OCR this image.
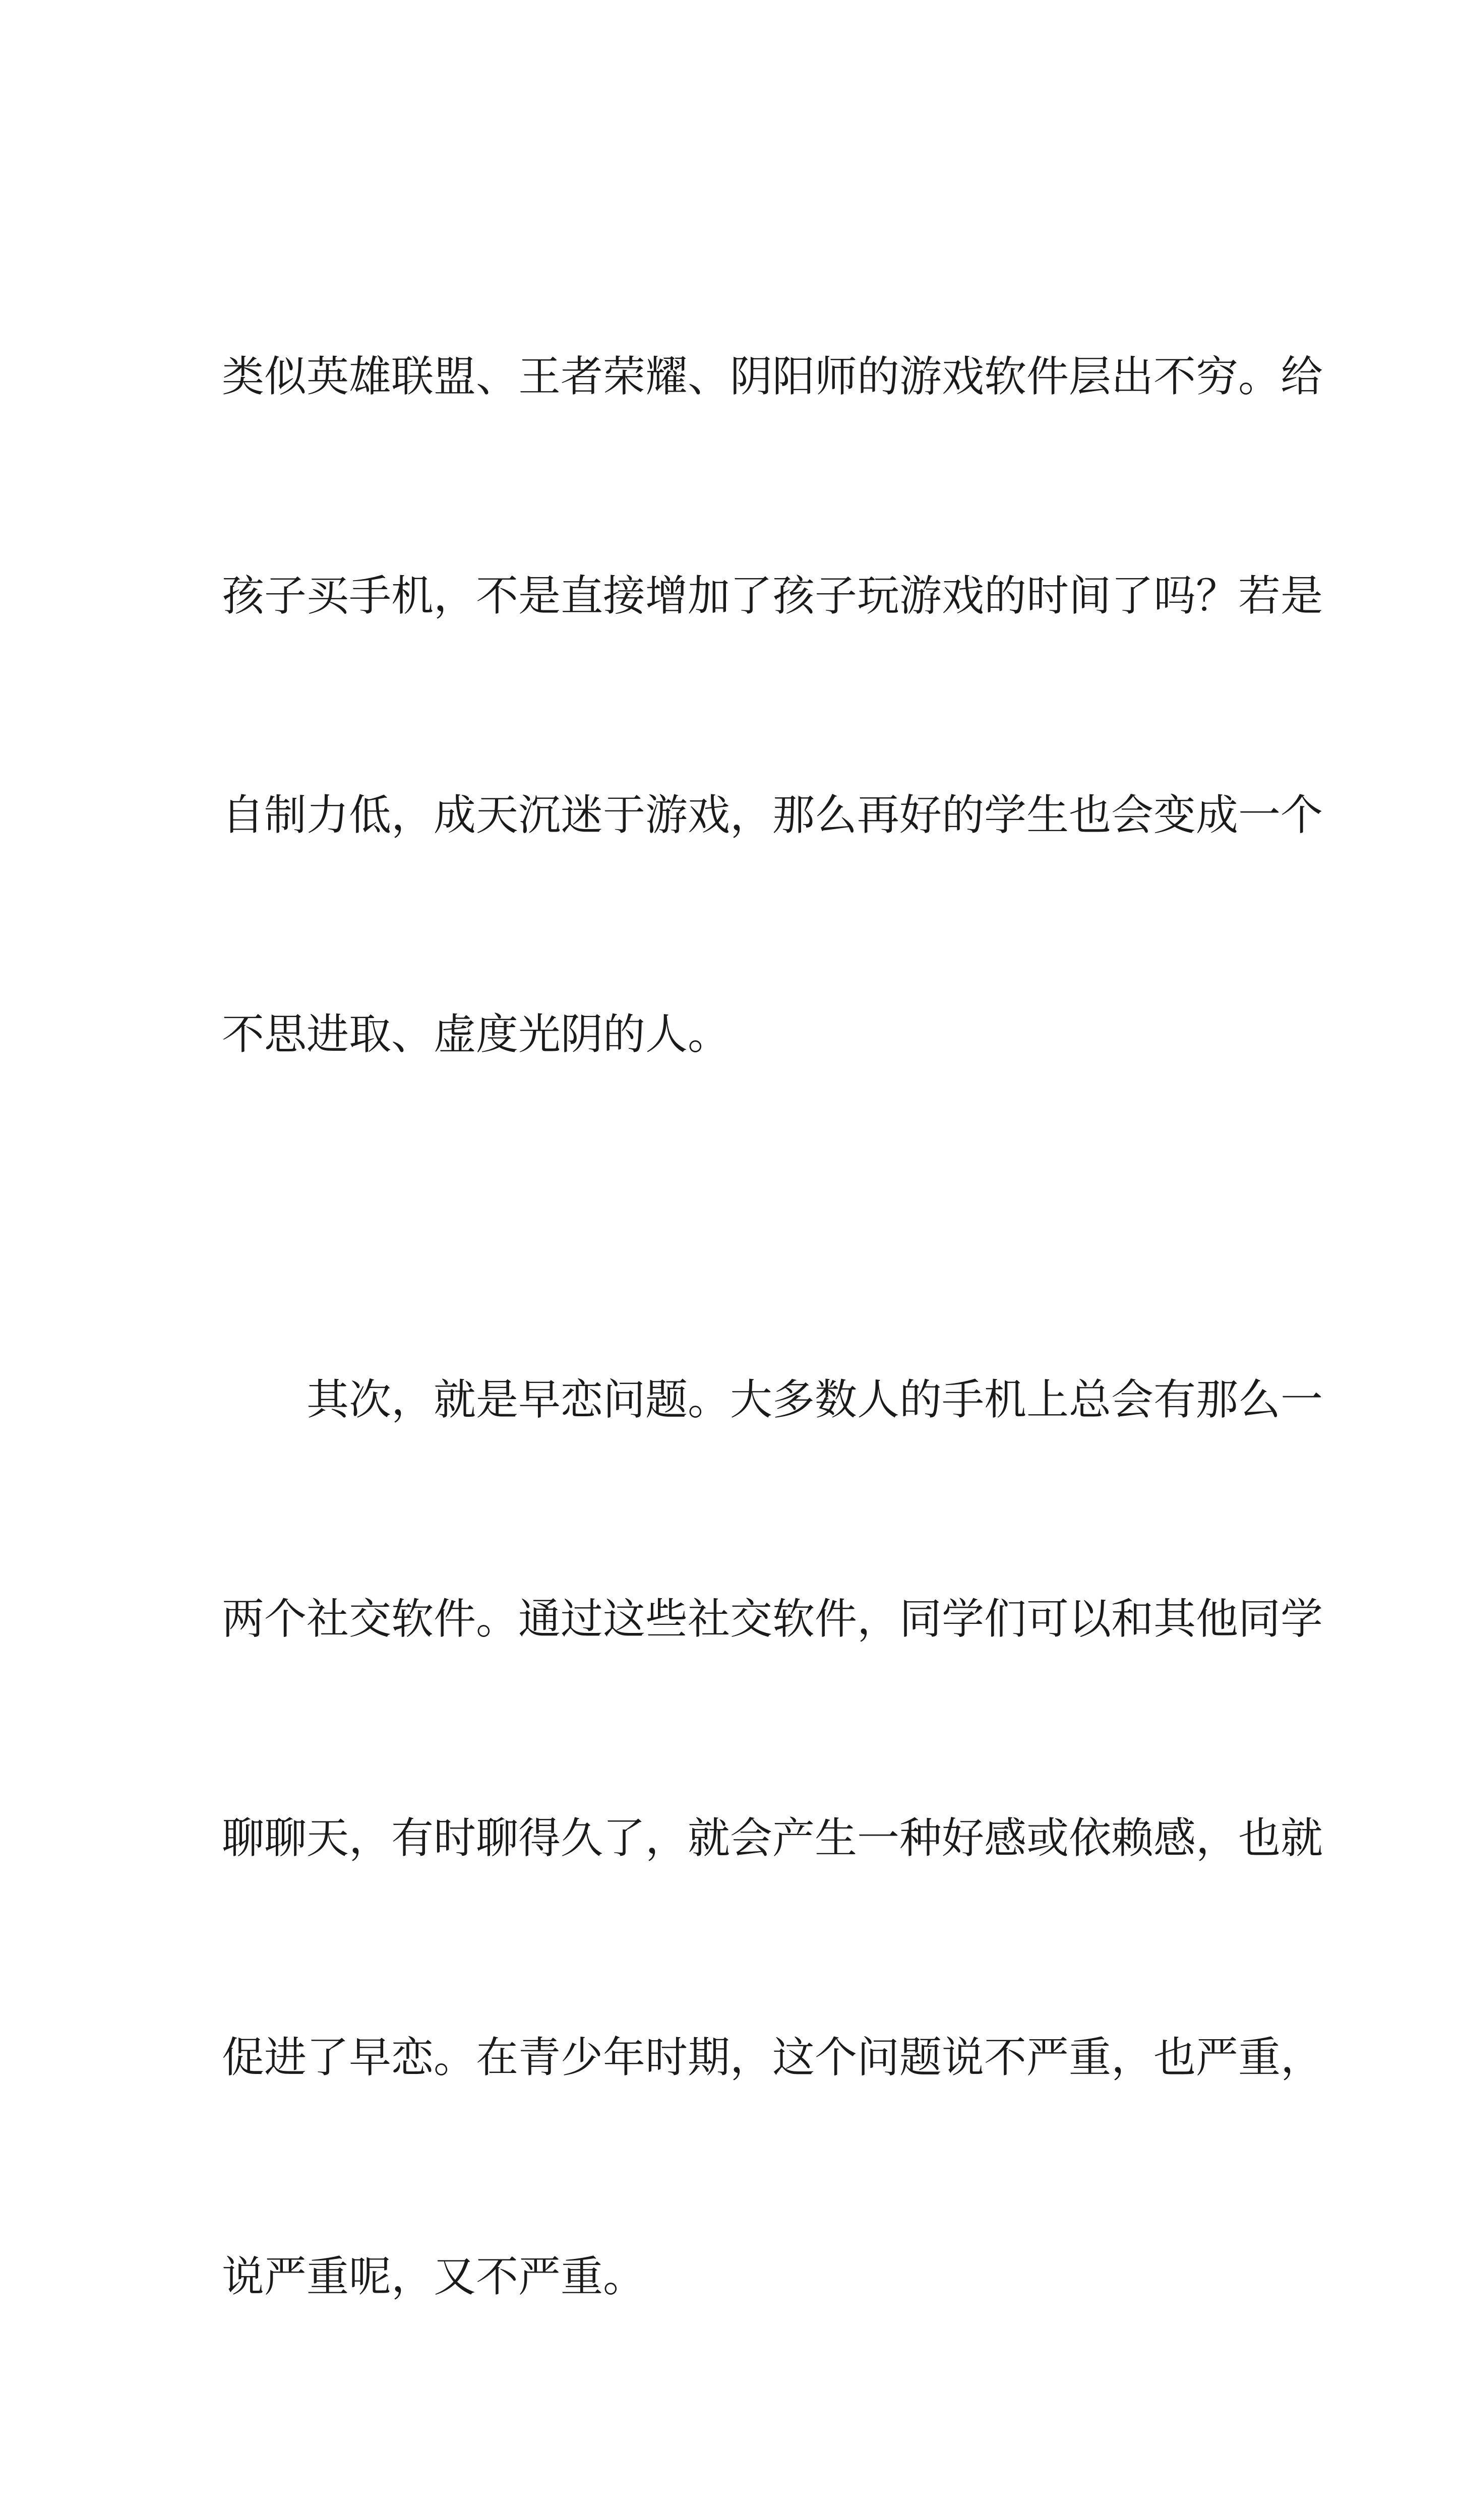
类似英雄联盟、王者荣耀、阴阳师的游戏软件层出不穷。给

孩子买手机，不是直接增加了孩子玩游戏的时间了吗？若是

自制力低，成天沉迷于游戏，那么再好的学生也会变成一个

不思进取、虚度光阴的人。

　　其次，就是早恋问题。大多数人的手机上总会有那么一

两个社交软件。通过这些社交软件，同学们可以和其他同学

聊聊天，有时聊得久了，就会产生一种好感或依赖感，也就

促进了早恋。在青少年时期，这个问题说不严重，也严重，

说严重呢，又不严重。
